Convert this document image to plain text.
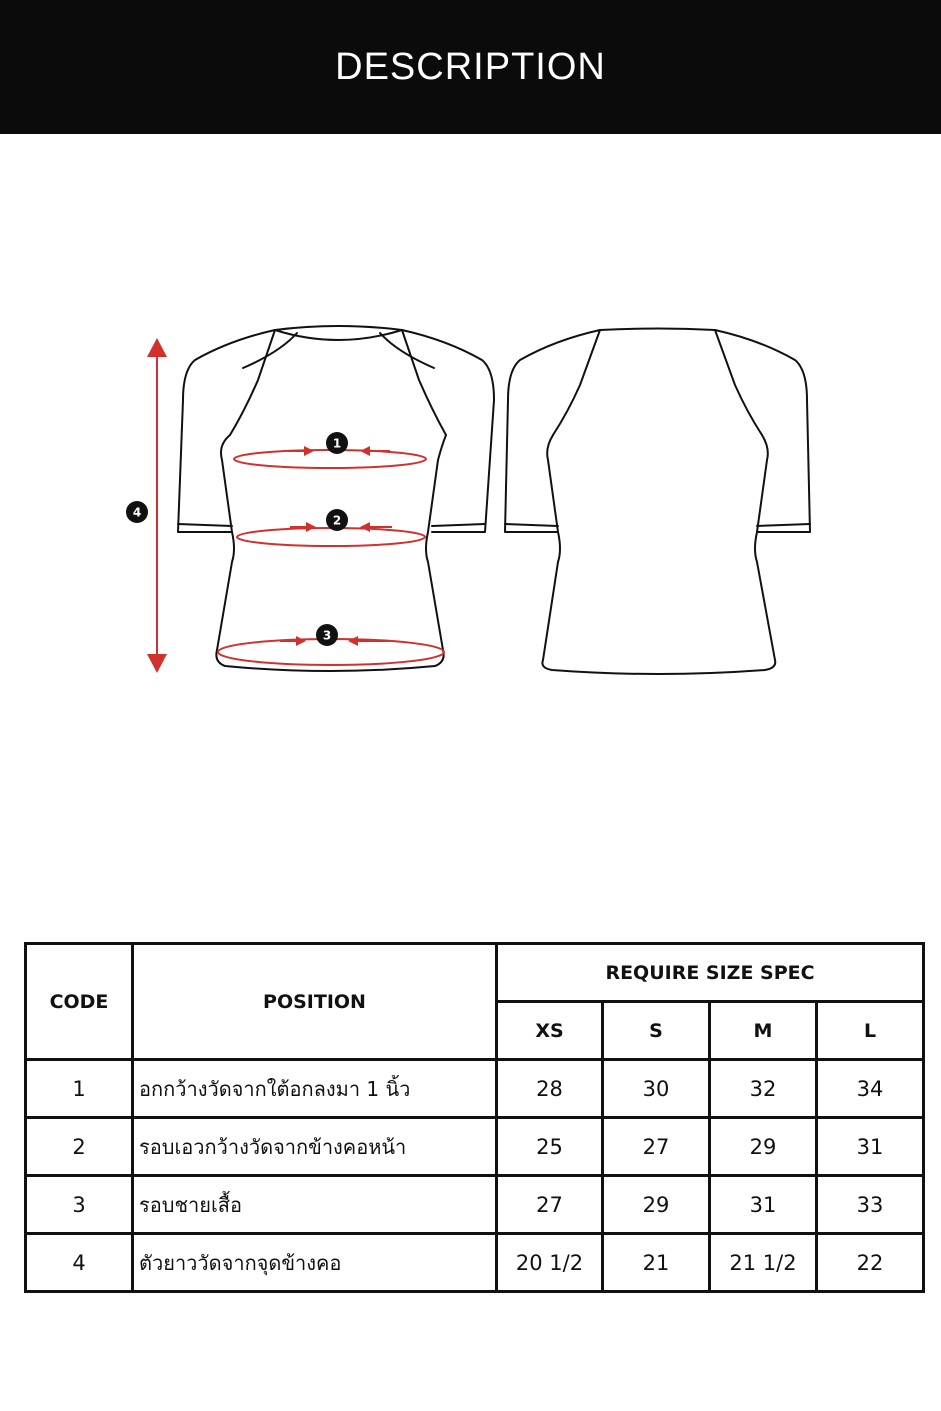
DESCRIPTION
1
2
3
4
CODE	POSITION	REQUIRE SIZE SPEC			
		XS	S	M	L
1	อกกว้างวัดจากใต้อกลงมา 1 นิ้ว	28	30	32	34
2	รอบเอวกว้างวัดจากข้างคอหน้า	25	27	29	31
3	รอบชายเสื้อ	27	29	31	33
4	ตัวยาววัดจากจุดข้างคอ	20 1/2	21	21 1/2	22
